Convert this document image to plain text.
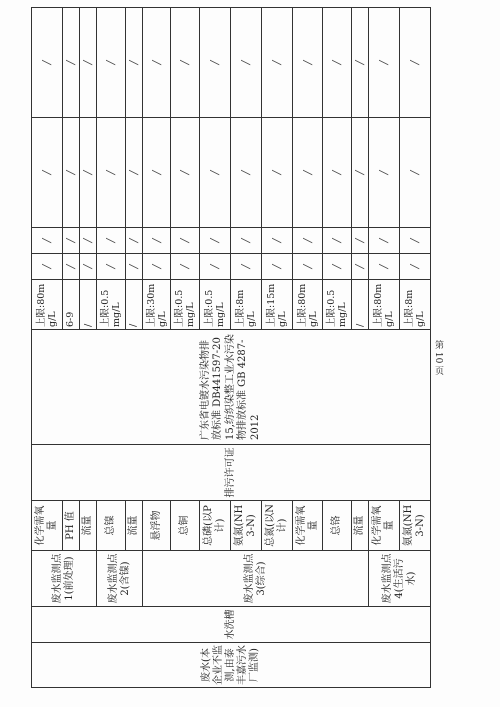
废水(本企业不监测,由泰丰嘉污水厂监测)	水洗槽	废水监测点 1(前处理)	化学需氧量	排污许可证	广东省电镀水污染物排放标准 DB441597-2015,纺织染整工业水污染物排放标准 GB 4287-2012	上限:80mg/L	/	/	/	/
			PH 值			6-9	/	/	/	/
			流量			/	/	/	/	/
		废水监测点 2(含镍)	总镍			上限:0.5mg/L	/	/	/	/
			流量			/	/	/	/	/
		废水监测点 3(综合)	悬浮物			上限:30mg/L	/	/	/	/
			总铜			上限:0.5mg/L	/	/	/	/
			总磷(以P计)			上限:0.5mg/L	/	/	/	/
			氨氮(NH3-N)			上限:8mg/L	/	/	/	/
			总氮(以N计)			上限:15mg/L	/	/	/	/
			化学需氧量			上限:80mg/L	/	/	/	/
			总铬			上限:0.5mg/L	/	/	/	/
			流量			/	/	/	/	/
		废水监测点 4(生活污水)	化学需氧量			上限:80mg/L	/	/	/	/
			氨氮(NH3-N)			上限:8mg/L	/	/	/	/
第 10 页
